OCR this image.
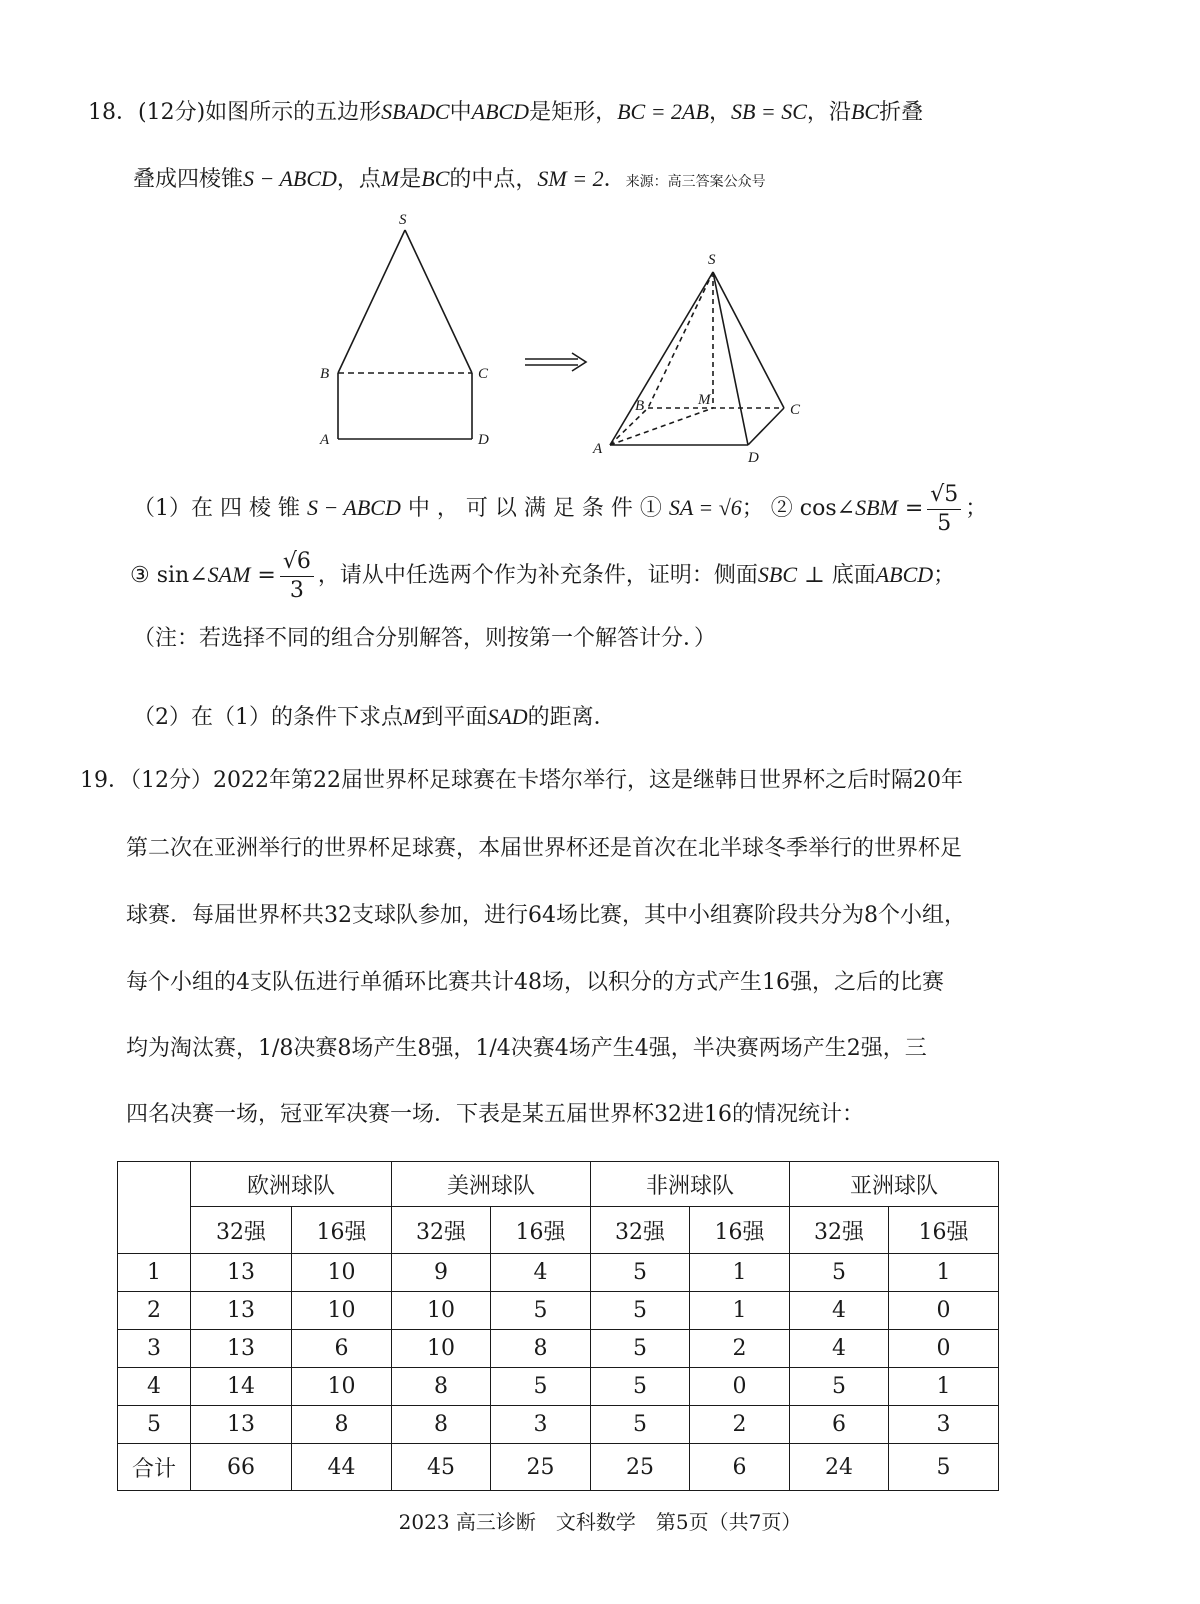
18．(12分)如图所示的五边形SBADC中ABCD是矩形，BC = 2AB，SB = SC，沿BC折叠
叠成四棱锥S − ABCD，点M是BC的中点，SM = 2．来源：高三答案公众号
S
B	C
A	D
S
B	M
C
A
D
（1）在 四 棱 锥 S − ABCD 中 ， 可 以 满 足 条 件 ① SA = √6； ② cos∠SBM = $\frac{√5}{5}$ ；
③ sin∠SAM = $\frac{√6}{3}$ ，请从中任选两个作为补充条件，证明：侧面SBC ⊥ 底面ABCD；
（注：若选择不同的组合分别解答，则按第一个解答计分．）
（2）在（1）的条件下求点M到平面SAD的距离．
19．（12分）2022年第22届世界杯足球赛在卡塔尔举行，这是继韩日世界杯之后时隔20年
第二次在亚洲举行的世界杯足球赛，本届世界杯还是首次在北半球冬季举行的世界杯足
球赛．每届世界杯共32支球队参加，进行64场比赛，其中小组赛阶段共分为8个小组，
每个小组的4支队伍进行单循环比赛共计48场，以积分的方式产生16强，之后的比赛
均为淘汰赛，1/8决赛8场产生8强，1/4决赛4场产生4强，半决赛两场产生2强，三
四名决赛一场，冠亚军决赛一场．下表是某五届世界杯32进16的情况统计：
	欧洲球队		美洲球队		非洲球队		亚洲球队	
	32强	16强	32强	16强	32强	16强	32强	16强
1	13	10	9	4	5	1	5	1
2	13	10	10	5	5	1	4	0
3	13	6	10	8	5	2	4	0
4	14	10	8	5	5	0	5	1
5	13	8	8	3	5	2	6	3
合计	66	44	45	25	25	6	24	5
2023 高三诊断　文科数学　第5页（共7页）
